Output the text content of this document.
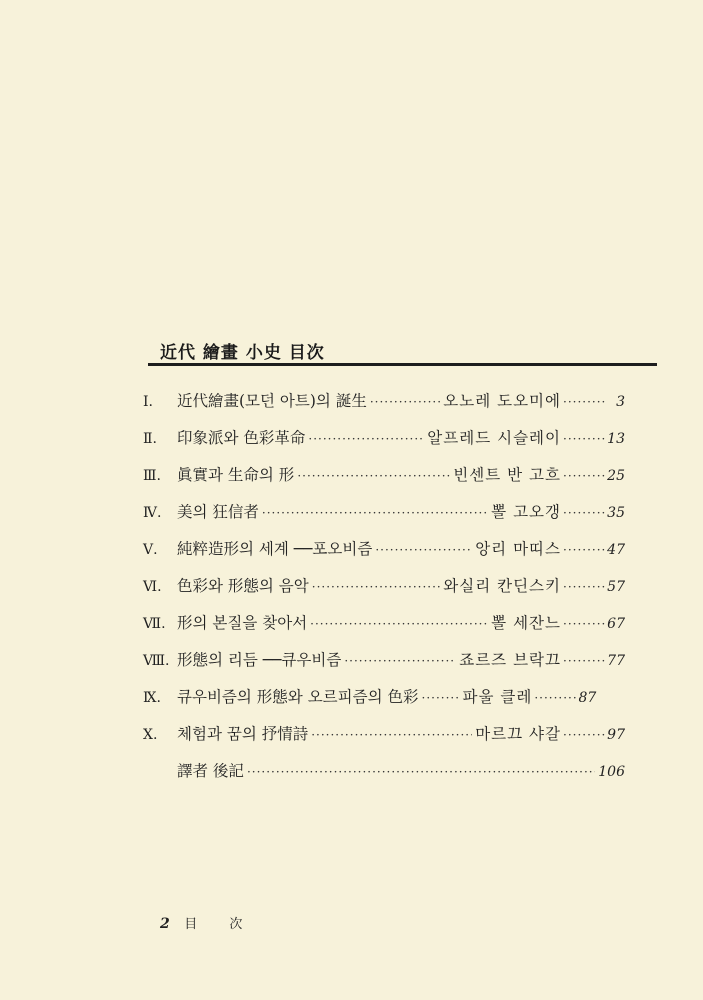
近代 繪畫 小史 目次
Ⅰ.	近代繪畫(모던 아트)의 誕生 ·····	오노레 도오미에 ·····	3
Ⅱ.	印象派와 色彩革命 ·····	알프레드 시슬레이 ·····	13
Ⅲ.	眞實과 生命의 形 ·····	빈센트 반 고흐 ·····	25
Ⅳ.	美의 狂信者 ·····	뽈 고오갱 ·····	35
Ⅴ.	純粹造形의 세계 ──포오비즘 ·····	앙리 마띠스 ·····	47
Ⅵ. 色彩와 形態의 음악 ·····	와실리 칸딘스키 ·····	57
Ⅶ. 形의 본질을 찾아서 ·····	뽈 세잔느 ·····	67
Ⅷ. 形態의 리듬 ──큐우비즘 ·····	죠르즈 브락끄 ·····	77
Ⅸ.	큐우비즘의 形態와 오르피즘의 色彩 ·····	파울 클레 ·····	87
Ⅹ.	체험과 꿈의 抒情詩 ·····	마르끄 샤갈 ·····	97
譯者 後記 ·····	106
2 目 次
